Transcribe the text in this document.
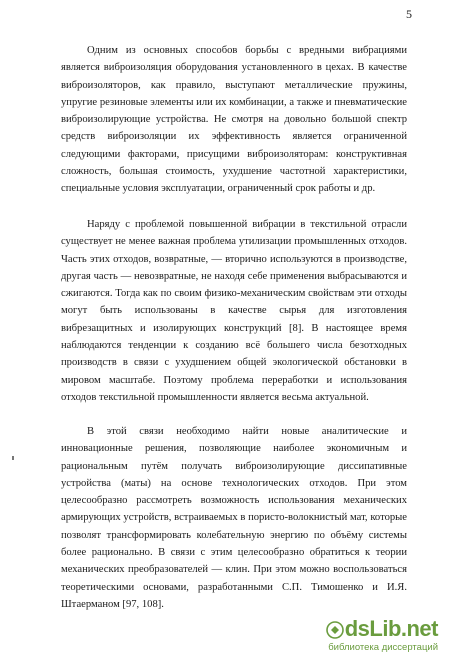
5

Одним из основных способов борьбы с вредными вибрациями является виброизоляция оборудования установленного в цехах. В качестве виброизоляторов, как правило, выступают металлические пружины, упругие резиновые элементы или их комбинации, а также и пневматические виброизолирующие устройства. Не смотря на довольно большой спектр средств виброизоляции их эффективность является ограниченной следующими факторами, присущими виброизоляторам: конструктивная сложность, большая стоимость, ухудшение частотной характеристики, специальные условия эксплуатации, ограниченный срок работы и др.

Наряду с проблемой повышенной вибрации в текстильной отрасли существует не менее важная проблема утилизации промышленных отходов. Часть этих отходов, возвратные, — вторично используются в производстве, другая часть — невозвратные, не находя себе применения выбрасываются и сжигаются. Тогда как по своим физико-механическим свойствам эти отходы могут быть использованы в качестве сырья для изготовления вибрезащитных и изолирующих конструкций [8]. В настоящее время наблюдаются тенденции к созданию всё большего числа безотходных производств в связи с ухудшением общей экологической обстановки в мировом масштабе. Поэтому проблема переработки и использования отходов текстильной промышленности является весьма актуальной.

В этой связи необходимо найти новые аналитические и инновационные решения, позволяющие наиболее экономичным и рациональным путём получать виброизолирующие диссипативные устройства (маты) на основе технологических отходов. При этом целесообразно рассмотреть возможность использования механических армирующих устройств, встраиваемых в пористо-волокнистый мат, которые позволят трансформировать колебательную энергию по объёму системы более рационально. В связи с этим целесообразно обратиться к теории механических преобразователей — клин. При этом можно воспользоваться теоретическими основами, разработанными С.П. Тимошенко и И.Я. Штаерманом [97, 108].

dsLib.net
библиотека диссертаций
